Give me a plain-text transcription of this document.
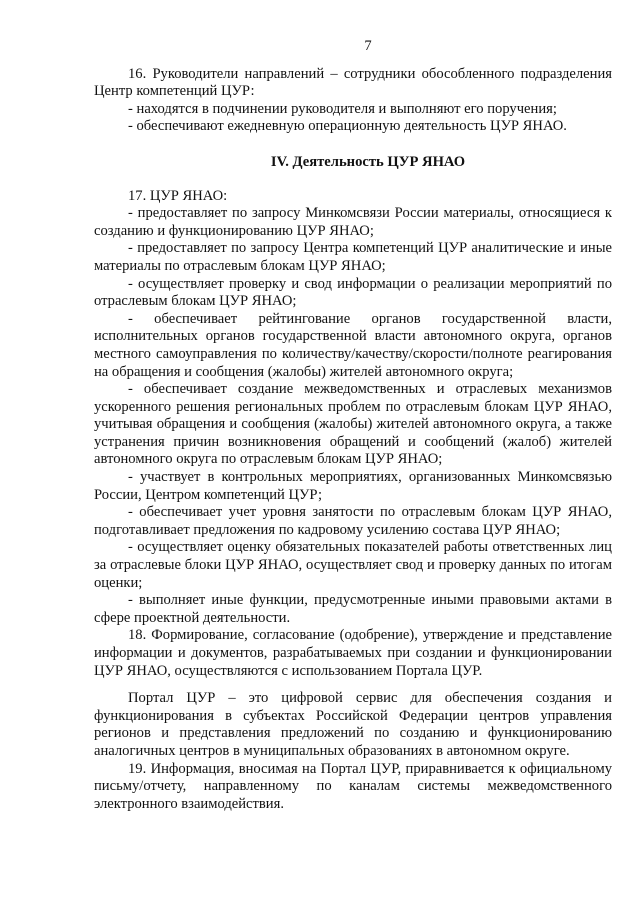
7

16. Руководители направлений – сотрудники обособленного подразделения Центр компетенций ЦУР:

- находятся в подчинении руководителя и выполняют его поручения;

- обеспечивают ежедневную операционную деятельность ЦУР ЯНАО.

IV. Деятельность ЦУР ЯНАО

17. ЦУР ЯНАО:

- предоставляет по запросу Минкомсвязи России материалы, относящиеся к созданию и функционированию ЦУР ЯНАО;

- предоставляет по запросу Центра компетенций ЦУР аналитические и иные материалы по отраслевым блокам ЦУР ЯНАО;

- осуществляет проверку и свод информации о реализации мероприятий по отраслевым блокам ЦУР ЯНАО;

- обеспечивает рейтингование органов государственной власти, исполнительных органов государственной власти автономного округа, органов местного самоуправления по количеству/качеству/скорости/полноте реагирования на обращения и сообщения (жалобы) жителей автономного округа;

- обеспечивает создание межведомственных и отраслевых механизмов ускоренного решения региональных проблем по отраслевым блокам ЦУР ЯНАО, учитывая обращения и сообщения (жалобы) жителей автономного округа, а также устранения причин возникновения обращений и сообщений (жалоб) жителей автономного округа по отраслевым блокам ЦУР ЯНАО;

- участвует в контрольных мероприятиях, организованных Минкомсвязью России, Центром компетенций ЦУР;

- обеспечивает учет уровня занятости по отраслевым блокам ЦУР ЯНАО, подготавливает предложения по кадровому усилению состава ЦУР ЯНАО;

- осуществляет оценку обязательных показателей работы ответственных лиц за отраслевые блоки ЦУР ЯНАО, осуществляет свод и проверку данных по итогам оценки;

- выполняет иные функции, предусмотренные иными правовыми актами в сфере проектной деятельности.

18. Формирование, согласование (одобрение), утверждение и представление информации и документов, разрабатываемых при создании и функционировании ЦУР ЯНАО, осуществляются с использованием Портала ЦУР.

Портал ЦУР – это цифровой сервис для обеспечения создания и функционирования в субъектах Российской Федерации центров управления регионов и представления предложений по созданию и функционированию аналогичных центров в муниципальных образованиях в автономном округе.

19. Информация, вносимая на Портал ЦУР, приравнивается к официальному письму/отчету, направленному по каналам системы межведомственного электронного взаимодействия.
